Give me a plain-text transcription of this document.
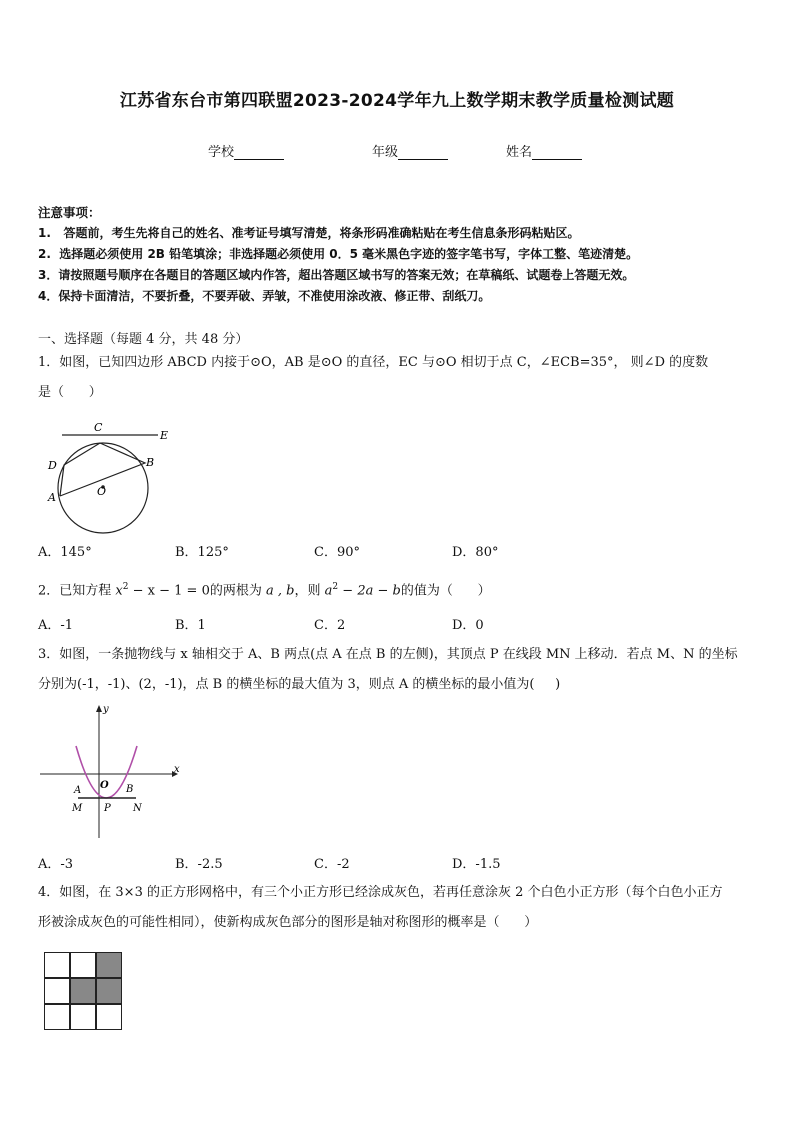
江苏省东台市第四联盟2023-2024学年九上数学期末教学质量检测试题
学校	年级	姓名
注意事项：
1.   答题前，考生先将自己的姓名、准考证号填写清楚，将条形码准确粘贴在考生信息条形码粘贴区。
2.  选择题必须使用 2B 铅笔填涂；非选择题必须使用 0．5 毫米黑色字迹的签字笔书写，字体工整、笔迹清楚。
3．请按照题号顺序在各题目的答题区域内作答，超出答题区域书写的答案无效；在草稿纸、试题卷上答题无效。
4．保持卡面清洁，不要折叠，不要弄破、弄皱，不准使用涂改液、修正带、刮纸刀。
一、选择题（每题 4 分，共 48 分）
1．如图，已知四边形 ABCD 内接于⊙O，AB 是⊙O 的直径，EC 与⊙O 相切于点 C，∠ECB=35°， 则∠D 的度数
是（      ）
C
E
D	B
A	O
A．145°	B．125°	C．90°	D．80°
2．已知方程 $x^2 - x - 1 = 0$的两根为 a , b，则 $a^2 - 2a - b$的值为（      ）
A．-1	B．1	C．2	D．0
3．如图，一条抛物线与 x 轴相交于 A、B 两点(点 A 在点 B 的左侧)，其顶点 P 在线段 MN 上移动．若点 M、N 的坐标
分别为(-1，-1)、(2，-1)，点 B 的横坐标的最大值为 3，则点 A 的横坐标的最小值为(     )
y
x
O
A	B
M P N
A．-3	B．-2.5	C．-2	D．-1.5
4．如图，在 3×3 的正方形网格中，有三个小正方形已经涂成灰色，若再任意涂灰 2 个白色小正方形（每个白色小正方
形被涂成灰色的可能性相同），使新构成灰色部分的图形是轴对称图形的概率是（      ）
